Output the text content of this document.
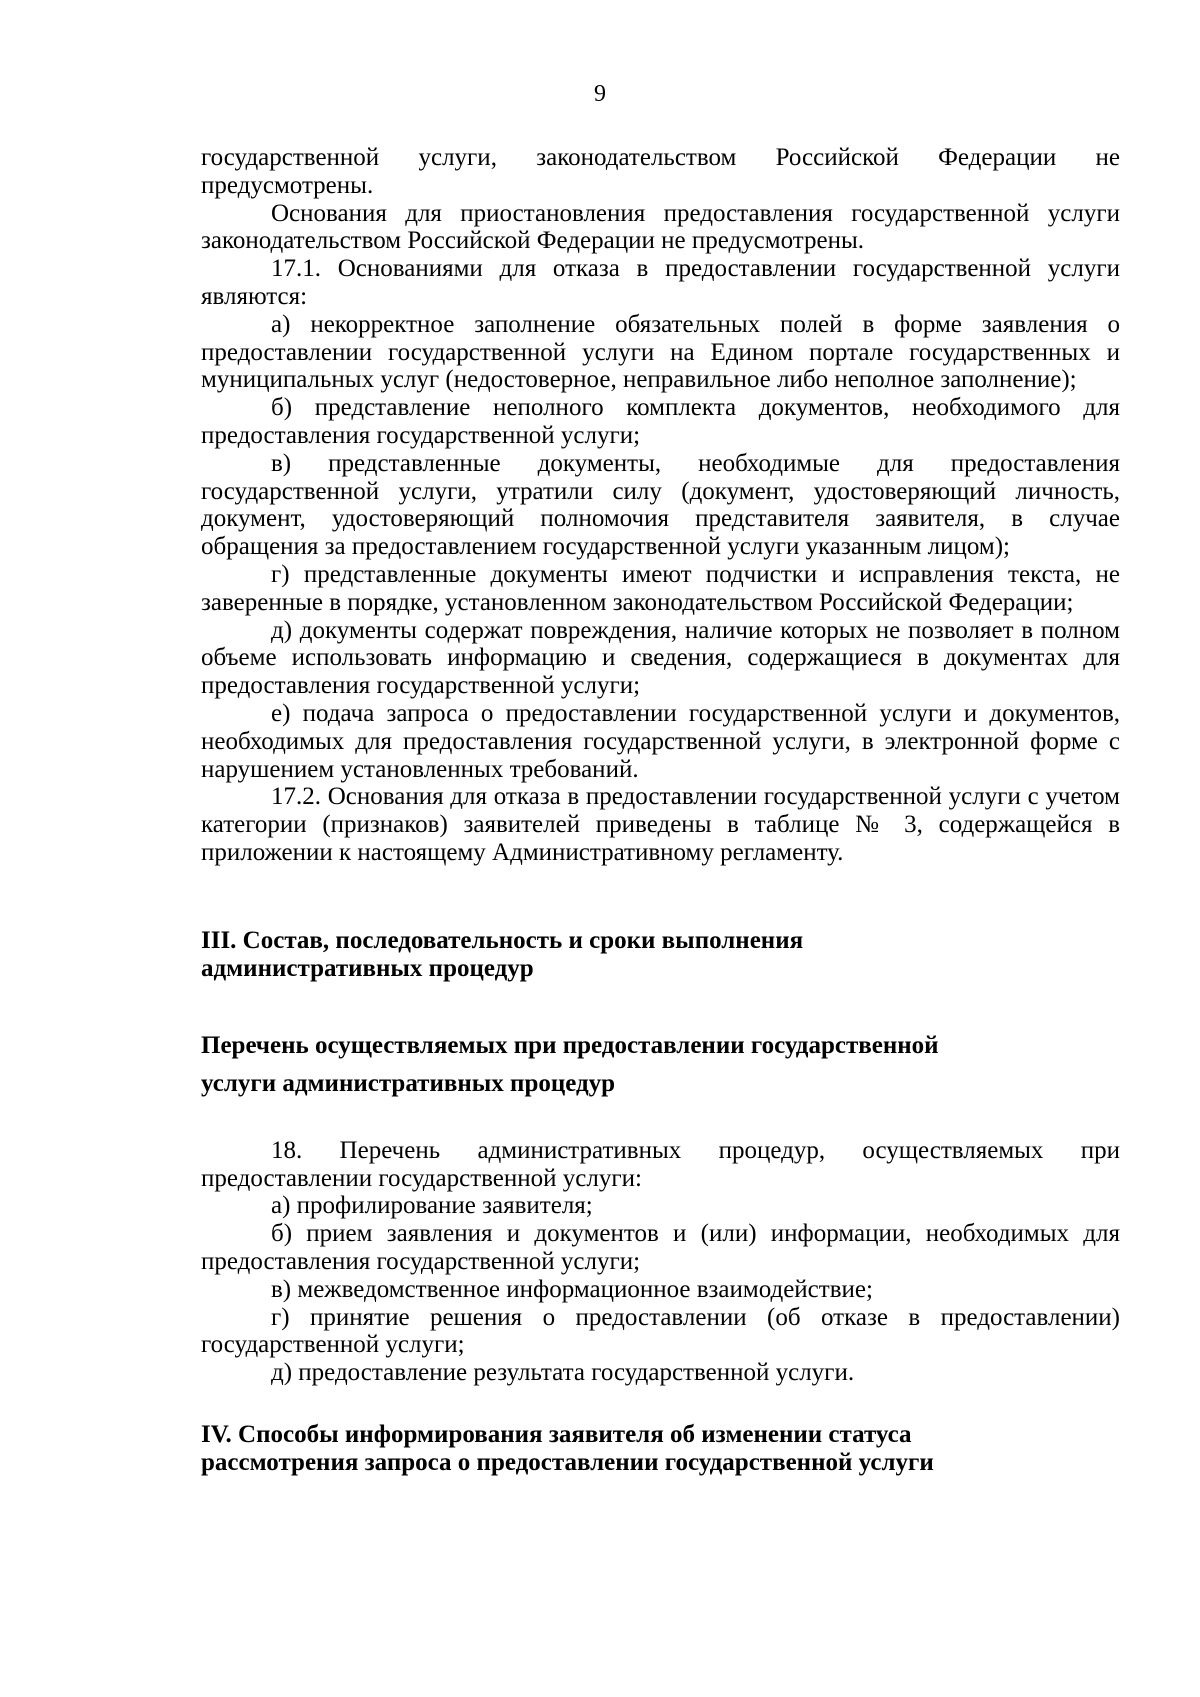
9

государственной услуги, законодательством Российской Федерации не предусмотрены.

Основания для приостановления предоставления государственной услуги законодательством Российской Федерации не предусмотрены.

17.1. Основаниями для отказа в предоставлении государственной услуги являются:

а) некорректное заполнение обязательных полей в форме заявления о предоставлении государственной услуги на Едином портале государственных и муниципальных услуг (недостоверное, неправильное либо неполное заполнение);

б) представление неполного комплекта документов, необходимого для предоставления государственной услуги;

в) представленные документы, необходимые для предоставления государственной услуги, утратили силу (документ, удостоверяющий личность, документ, удостоверяющий полномочия представителя заявителя, в случае обращения за предоставлением государственной услуги указанным лицом);

г) представленные документы имеют подчистки и исправления текста, не заверенные в порядке, установленном законодательством Российской Федерации;

д) документы содержат повреждения, наличие которых не позволяет в полном объеме использовать информацию и сведения, содержащиеся в документах для предоставления государственной услуги;

е) подача запроса о предоставлении государственной услуги и документов, необходимых для предоставления государственной услуги, в электронной форме с нарушением установленных требований.

17.2. Основания для отказа в предоставлении государственной услуги с учетом категории (признаков) заявителей приведены в таблице № 3, содержащейся в приложении к настоящему Административному регламенту.

III. Состав, последовательность и сроки выполнения
административных процедур

Перечень осуществляемых при предоставлении государственной
услуги административных процедур

18. Перечень административных процедур, осуществляемых при предоставлении государственной услуги:

а) профилирование заявителя;

б) прием заявления и документов и (или) информации, необходимых для предоставления государственной услуги;

в) межведомственное информационное взаимодействие;

г) принятие решения о предоставлении (об отказе в предоставлении) государственной услуги;

д) предоставление результата государственной услуги.

IV. Способы информирования заявителя об изменении статуса
рассмотрения запроса о предоставлении государственной услуги
